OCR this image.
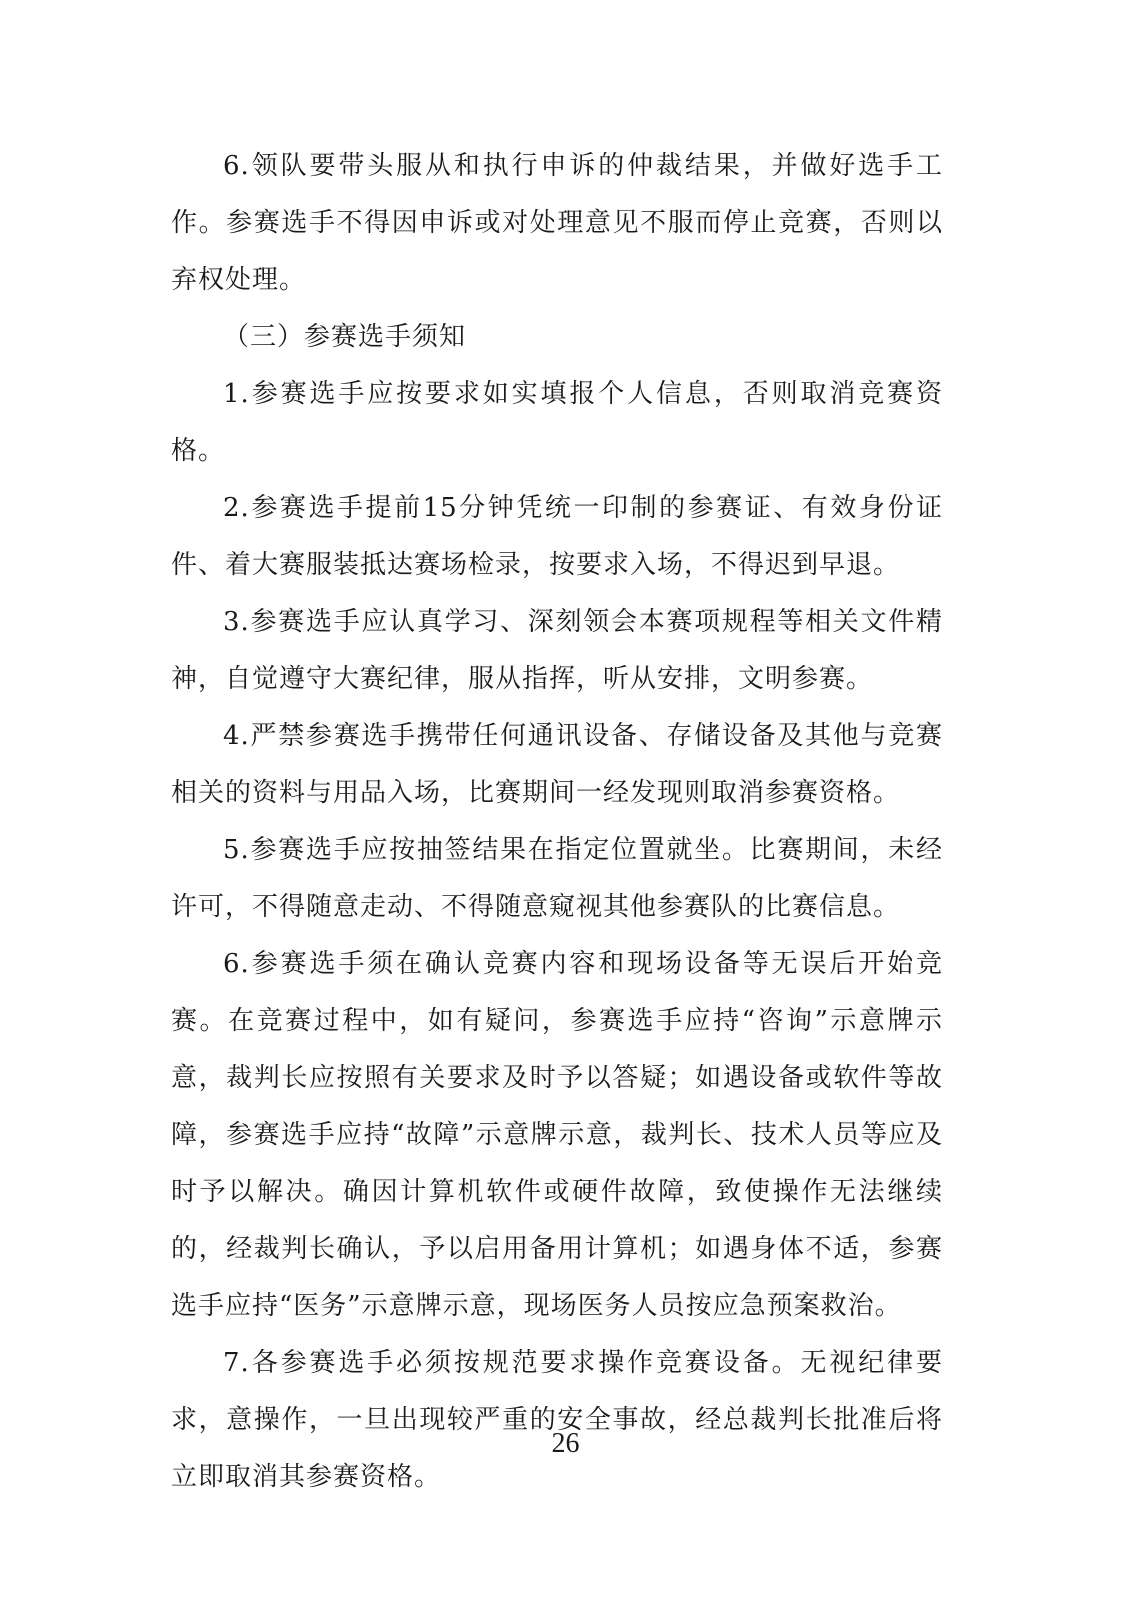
6.领队要带头服从和执行申诉的仲裁结果，并做好选手工作。参赛选手不得因申诉或对处理意见不服而停止竞赛，否则以弃权处理。

（三）参赛选手须知

1.参赛选手应按要求如实填报个人信息，否则取消竞赛资格。

2.参赛选手提前15分钟凭统一印制的参赛证、有效身份证件、着大赛服装抵达赛场检录，按要求入场，不得迟到早退。

3.参赛选手应认真学习、深刻领会本赛项规程等相关文件精神，自觉遵守大赛纪律，服从指挥，听从安排，文明参赛。

4.严禁参赛选手携带任何通讯设备、存储设备及其他与竞赛相关的资料与用品入场，比赛期间一经发现则取消参赛资格。

5.参赛选手应按抽签结果在指定位置就坐。比赛期间，未经许可，不得随意走动、不得随意窥视其他参赛队的比赛信息。

6.参赛选手须在确认竞赛内容和现场设备等无误后开始竞赛。在竞赛过程中，如有疑问，参赛选手应持“咨询”示意牌示意，裁判长应按照有关要求及时予以答疑；如遇设备或软件等故障，参赛选手应持“故障”示意牌示意，裁判长、技术人员等应及时予以解决。确因计算机软件或硬件故障，致使操作无法继续的，经裁判长确认，予以启用备用计算机；如遇身体不适，参赛选手应持“医务”示意牌示意，现场医务人员按应急预案救治。

7.各参赛选手必须按规范要求操作竞赛设备。无视纪律要求，意操作，一旦出现较严重的安全事故，经总裁判长批准后将立即取消其参赛资格。

26
